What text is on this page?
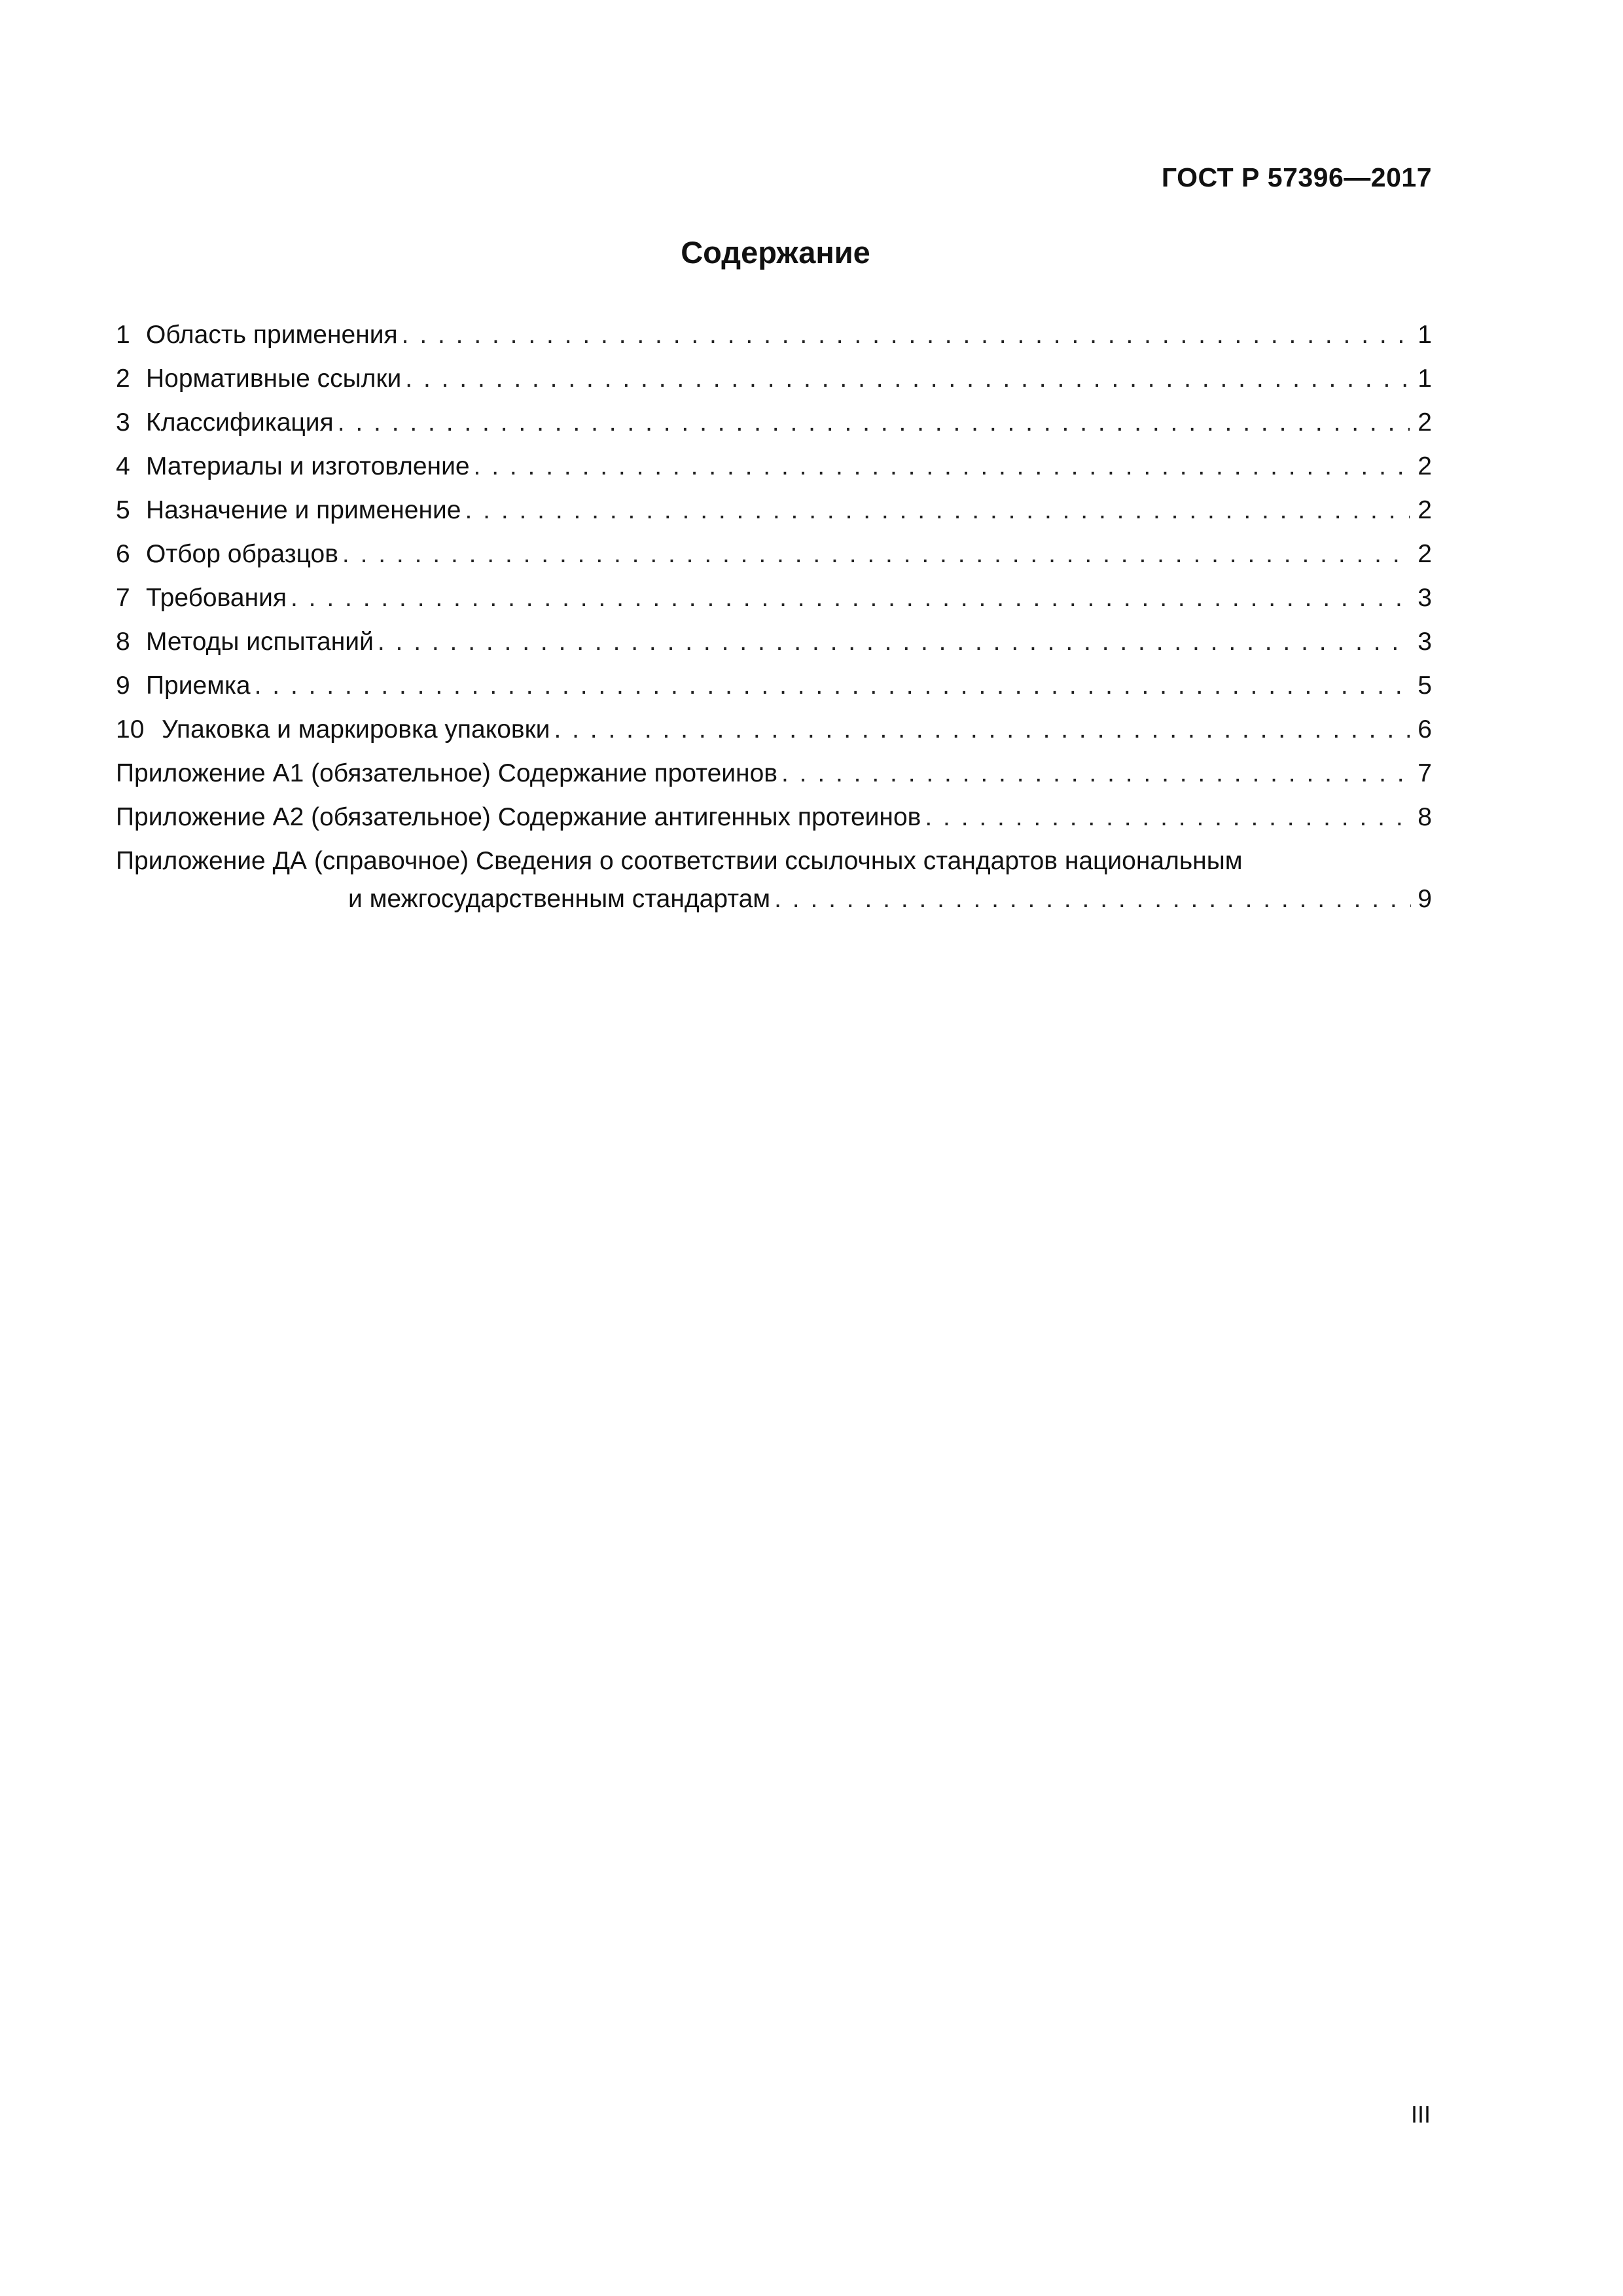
ГОСТ Р 57396—2017
Содержание
1 Область применения . . .	1
2 Нормативные ссылки . . .	1
3 Классификация . . .	2
4 Материалы и изготовление . . .	2
5 Назначение и применение . . .	2
6 Отбор образцов . . .	2
7 Требования . . .	3
8 Методы испытаний . . .	3
9 Приемка . . .	5
10 Упаковка и маркировка упаковки . . .	6
Приложение А1 (обязательное) Содержание протеинов . . .	7
Приложение А2 (обязательное) Содержание антигенных протеинов . . .	8
Приложение ДА (справочное) Сведения о соответствии ссылочных стандартов национальным
и межгосударственным стандартам . . .	9
III
